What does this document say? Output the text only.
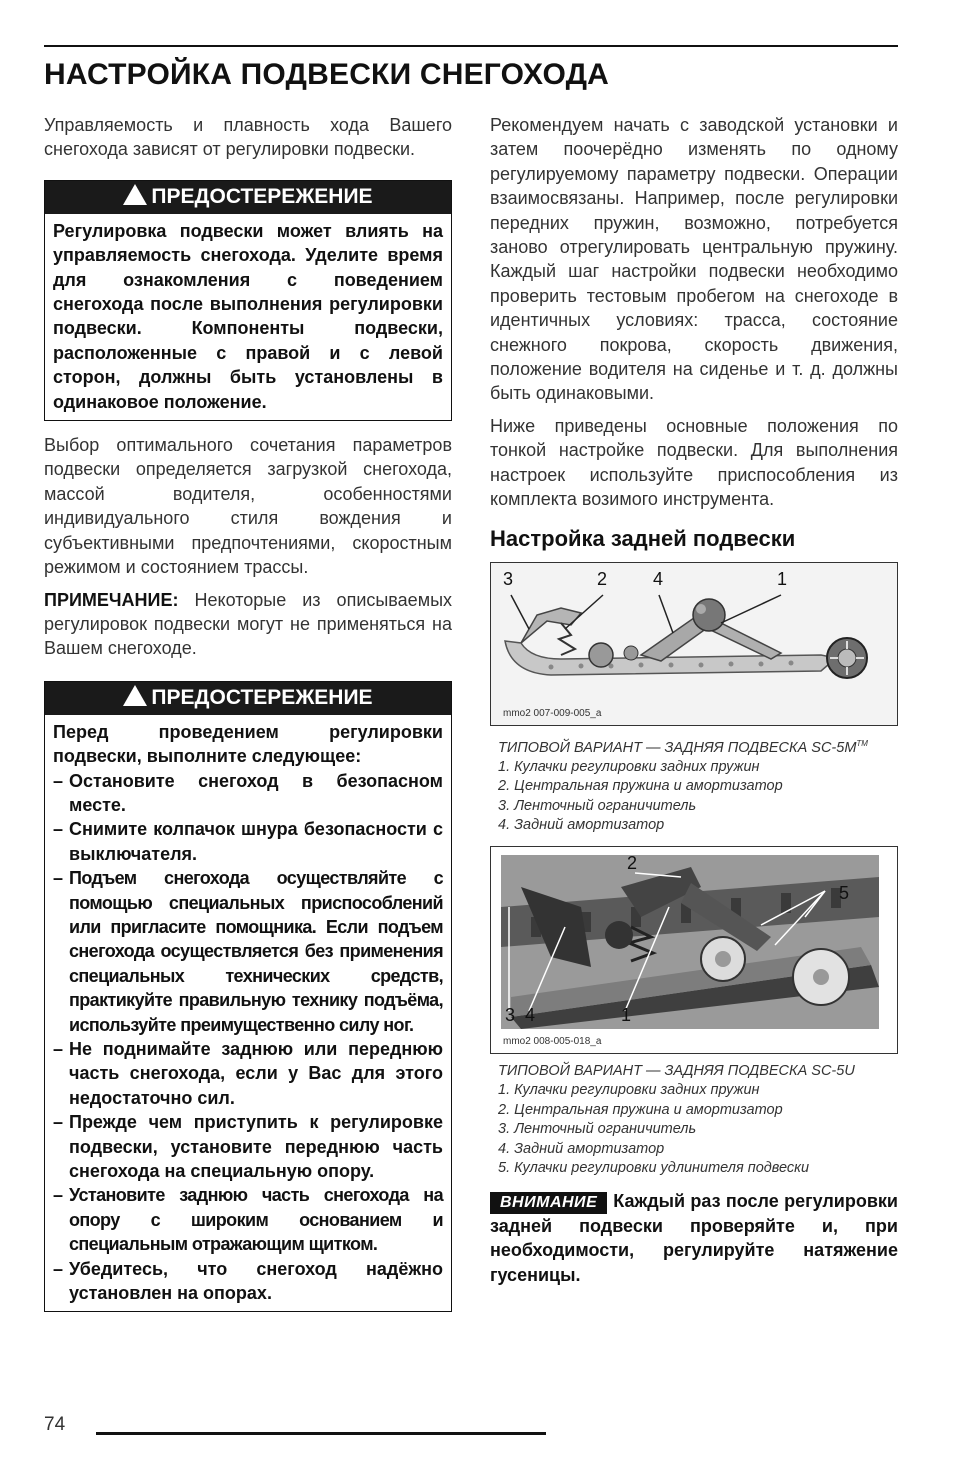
НАСТРОЙКА ПОДВЕСКИ СНЕГОХОДА

Управляемость и плавность хода Вашего снегохода зависят от регулировки подвески.

ПРЕДОСТЕРЕЖЕНИЕ
Регулировка подвески может влиять на управляемость снегохода. Уделите время для ознакомления с поведением снегохода после выполнения регулировки подвески. Компоненты подвески, расположенные с правой и с левой сторон, должны быть установлены в одинаковое положение.

Выбор оптимального сочетания параметров подвески определяется загрузкой снегохода, массой водителя, особенностями индивидуального стиля вождения и субъективными предпочтениями, скоростным режимом и состоянием трассы.

ПРИМЕЧАНИЕ: Некоторые из описываемых регулировок подвески могут не применяться на Вашем снегоходе.

ПРЕДОСТЕРЕЖЕНИЕ
Перед проведением регулировки подвески, выполните следующее:
– Остановите снегоход в безопасном месте.
– Снимите колпачок шнура безопасности с выключателя.
– Подъем снегохода осуществляйте с помощью специальных приспособлений или пригласите помощника. Если подъем снегохода осуществляется без применения специальных технических средств, практикуйте правильную технику подъёма, используйте преимущественно силу ног.
– Не поднимайте заднюю или переднюю часть снегохода, если у Вас для этого недостаточно сил.
– Прежде чем приступить к регулировке подвески, установите переднюю часть снегохода на специальную опору.
– Установите заднюю часть снегохода на опору с широким основанием и специальным отражающим щитком.
– Убедитесь, что снегоход надёжно установлен на опорах.

Рекомендуем начать с заводской установки и затем поочерёдно изменять по одному регулируемому параметру подвески. Операции взаимосвязаны. Например, после регулировки передних пружин, возможно, потребуется заново отрегулировать центральную пружину. Каждый шаг настройки подвески необходимо проверить тестовым пробегом на снегоходе в идентичных условиях: трасса, состояние снежного покрова, скорость движения, положение водителя на сиденье и т. д. должны быть одинаковыми.

Ниже приведены основные положения по тонкой настройке подвески. Для выполнения настроек используйте приспособления из комплекта возимого инструмента.

Настройка задней подвески
3	2	4	1
mmo2 007-009-005_a
ТИПОВОЙ ВАРИАНТ — ЗАДНЯЯ ПОДВЕСКА SC-5M™
1. Кулачки регулировки задних пружин
2. Центральная пружина и амортизатор
3. Ленточный ограничитель
4. Задний амортизатор
2
5
3 4	1
mmo2 008-005-018_a
ТИПОВОЙ ВАРИАНТ — ЗАДНЯЯ ПОДВЕСКА SC-5U
1. Кулачки регулировки задних пружин
2. Центральная пружина и амортизатор
3. Ленточный ограничитель
4. Задний амортизатор
5. Кулачки регулировки удлинителя подвески
ВНИМАНИЕ Каждый раз после регулировки задней подвески проверяйте и, при необходимости, регулируйте натяжение гусеницы.
74
